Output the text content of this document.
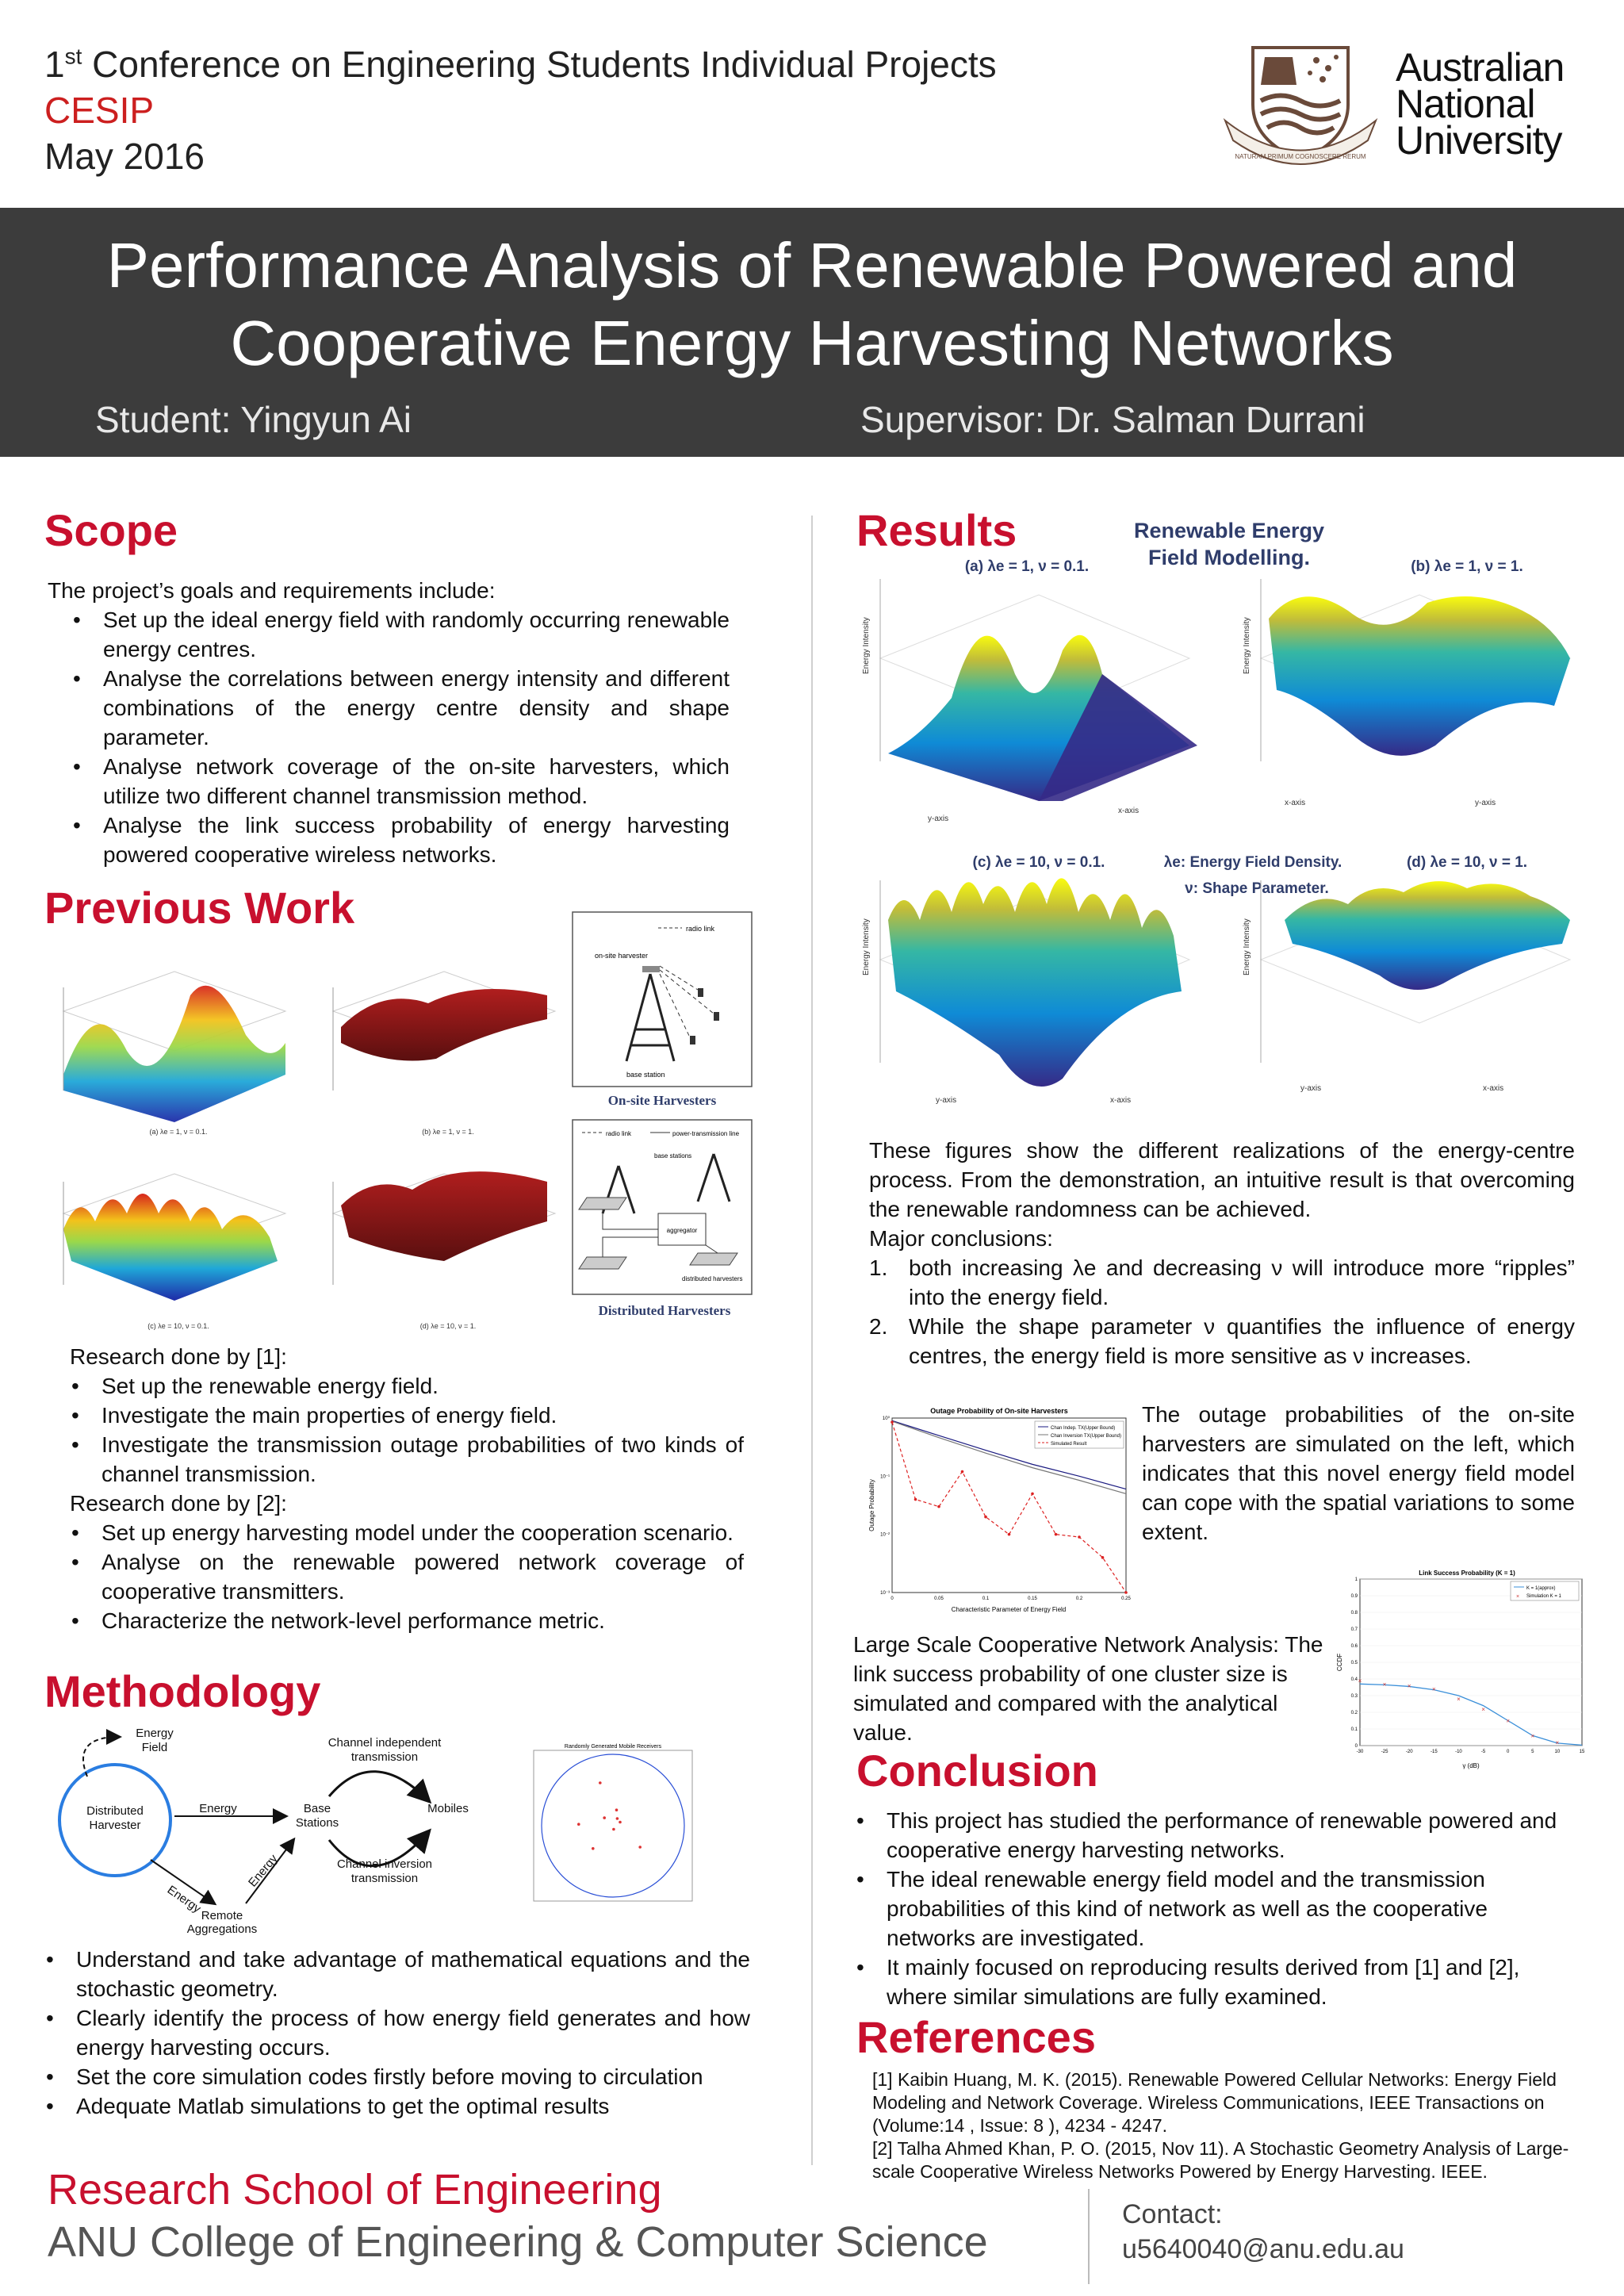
1st Conference on Engineering Students Individual Projects
CESIP
May 2016	NATURAM PRIMUM COGNOSCERE RERUM
Australian
National
University
Performance Analysis of Renewable Powered and
Cooperative Energy Harvesting Networks
Student: Yingyun Ai	Supervisor: Dr. Salman Durrani
Scope
The project’s goals and requirements include:
• Set up the ideal energy field with randomly occurring renewable energy centres.
• Analyse the correlations between energy intensity and different combinations of the energy centre density and shape parameter.
• Analyse network coverage of the on-site harvesters, which utilize two different channel transmission method.
• Analyse the link success probability of energy harvesting powered cooperative wireless networks.
Previous Work
(a) λe = 1, ν = 0.1.	(b) λe = 1, ν = 1.
(c) λe = 10, ν = 0.1.	(d) λe = 10, ν = 1.
radio link
on-site harvester
base station
On-site Harvesters
radio link	power-transmission line
base stations
aggregator
distributed harvesters
Distributed Harvesters
Research done by [1]:
• Set up the renewable energy field.
• Investigate the main properties of energy field.
• Investigate the transmission outage probabilities of two kinds of channel transmission.
Research done by [2]:
• Set up energy harvesting model under the cooperation scenario.
• Analyse on the renewable powered network coverage of cooperative transmitters.
• Characterize the network-level performance metric.
Methodology
Distributed
Harvester
Energy
Field
Energy	Base
Stations
Energy
Energy
Remote
Aggregations
Channel independent
transmission
Mobiles
Channel inversion
transmission
Randomly Generated Mobile Receivers
• Understand and take advantage of mathematical equations and the stochastic geometry.
• Clearly identify the process of how energy field generates and how energy harvesting occurs.
• Set the core simulation codes firstly before moving to circulation
• Adequate Matlab simulations to get the optimal results
Results	Renewable Energy
Field Modelling.
(a) λe = 1, ν = 0.1.	(b) λe = 1, ν = 1.
(c) λe = 10, ν = 0.1.	λe: Energy Field Density.
ν: Shape Parameter.
(d) λe = 10, ν = 1.
Energy Intensity
y-axis
x-axis
Energy Intensity
x-axis	y-axis
Energy Intensity
y-axis	x-axis
Energy Intensity
y-axis	x-axis
These figures show the different realizations of the energy-centre process. From the demonstration, an intuitive result is that overcoming the renewable randomness can be achieved.
Major conclusions:
1. both increasing λe and decreasing ν will introduce more “ripples” into the energy field.
2. While the shape parameter ν quantifies the influence of energy centres, the energy field is more sensitive as ν increases.
Outage Probability of On-site Harvesters
Outage Probability
Characteristic Parameter of Energy Field
0	0.05	0.1	0.15	0.2	0.25
10⁰
10⁻¹
10⁻²
10⁻³
Chan Indep. TX(Upper Bound)
Chan Inversion TX(Upper Bound)
Simulated Result
The outage probabilities of the on-site harvesters are simulated on the left, which indicates that this novel energy field model can cope with the spatial variations to some extent.
Link Success Probability (K = 1)
CCDF
γ (dB)
-30	-25	-20	-15	-10	-5	0	5	10	15
0
0.1
0.2
0.3
0.4
0.5
0.6
0.7
0.8
0.9
1
×	×	×	×
×
×
×
×
×
K = 1(approx)
× Simulation K = 1
Large Scale Cooperative Network Analysis: The link success probability of one cluster size is simulated and compared with the analytical value.
Conclusion
• This project has studied the performance of renewable powered and cooperative energy harvesting networks.
• The ideal renewable energy field model and the transmission probabilities of this kind of network as well as the cooperative networks are investigated.
• It mainly focused on reproducing results derived from [1] and [2], where similar simulations are fully examined.
References
[1] Kaibin Huang, M. K. (2015). Renewable Powered Cellular Networks: Energy Field Modeling and Network Coverage. Wireless Communications, IEEE Transactions on (Volume:14 , Issue: 8 ), 4234 - 4247.
[2] Talha Ahmed Khan, P. O. (2015, Nov 11). A Stochastic Geometry Analysis of Large-scale Cooperative Wireless Networks Powered by Energy Harvesting. IEEE.
Research School of Engineering
ANU College of Engineering & Computer Science
Contact:
u5640040@anu.edu.au
